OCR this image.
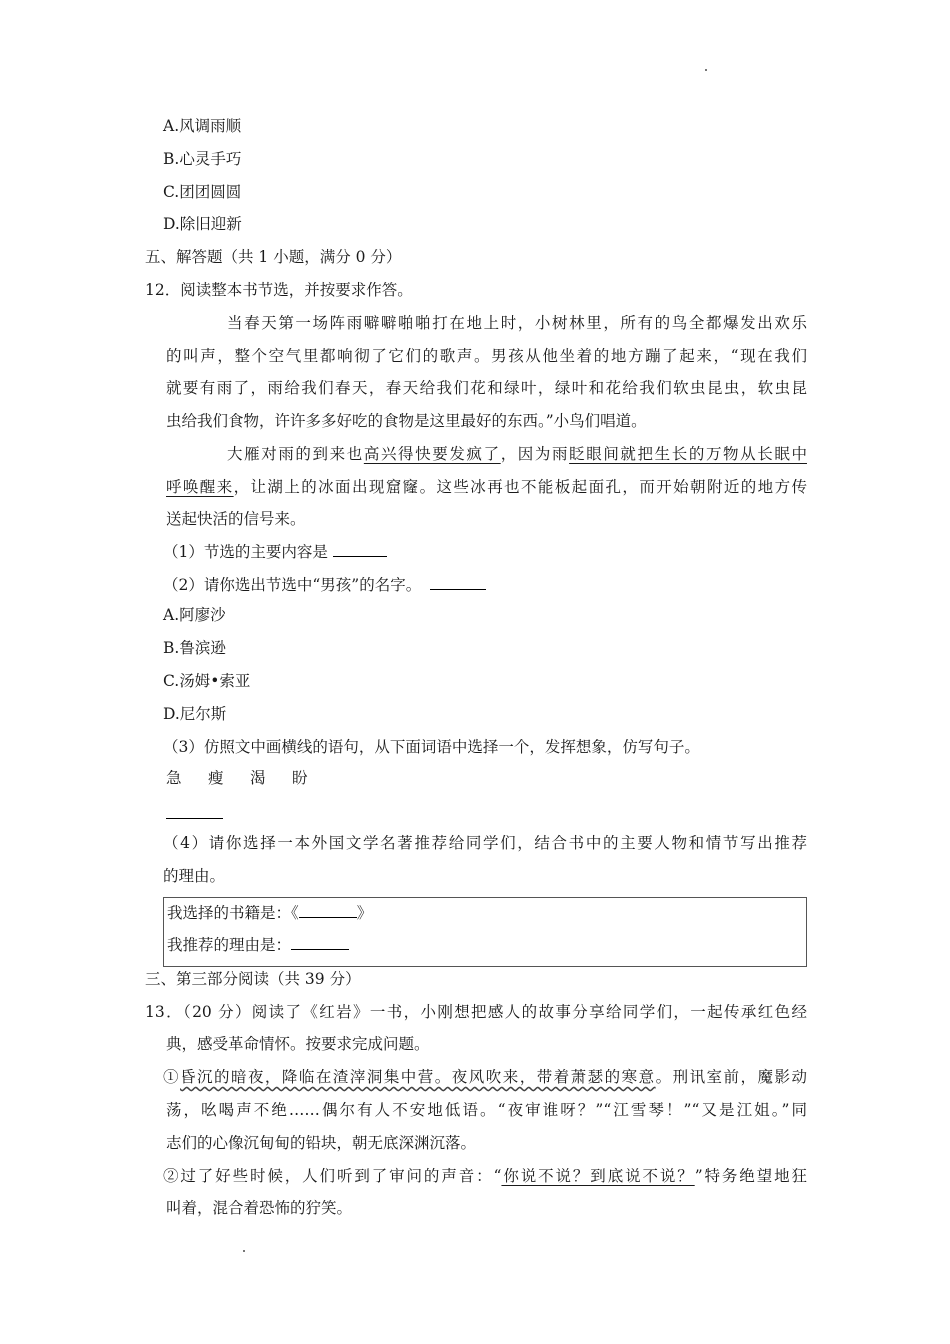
A.风调雨顺
B.心灵手巧
C.团团圆圆
D.除旧迎新
五、解答题（共 1 小题，满分 0 分）
12．阅读整本书节选，并按要求作答。
当春天第一场阵雨噼噼啪啪打在地上时，小树林里，所有的鸟全都爆发出欢乐
的叫声，整个空气里都响彻了它们的歌声。男孩从他坐着的地方蹦了起来，“现在我们
就要有雨了，雨给我们春天，春天给我们花和绿叶，绿叶和花给我们软虫昆虫，软虫昆
虫给我们食物，许许多多好吃的食物是这里最好的东西。”小鸟们唱道。
大雁对雨的到来也高兴得快要发疯了，因为雨眨眼间就把生长的万物从长眠中
呼唤醒来，让湖上的冰面出现窟窿。这些冰再也不能板起面孔，而开始朝附近的地方传
送起快活的信号来。
（1）节选的主要内容是
（2）请你选出节选中“男孩”的名字。
A.阿廖沙
B.鲁滨逊
C.汤姆•索亚
D.尼尔斯
（3）仿照文中画横线的语句，从下面词语中选择一个，发挥想象，仿写句子。
急 瘦 渴 盼
（4）请你选择一本外国文学名著推荐给同学们，结合书中的主要人物和情节写出推荐
的理由。
我选择的书籍是：《	》
我推荐的理由是：
三、第三部分阅读（共 39 分）
13．（20 分）阅读了《红岩》一书，小刚想把感人的故事分享给同学们，一起传承红色经
典，感受革命情怀。按要求完成问题。
①昏沉的暗夜，降临在渣滓洞集中营。夜风吹来，带着萧瑟的寒意。刑讯室前，魔影动
荡，吆喝声不绝……偶尔有人不安地低语。“夜审谁呀？”“江雪琴！”“又是江姐。”同
志们的心像沉甸甸的铅块，朝无底深渊沉落。
②过了好些时候，人们听到了审问的声音：“你说不说？到底说不说？”特务绝望地狂
叫着，混合着恐怖的狞笑。
